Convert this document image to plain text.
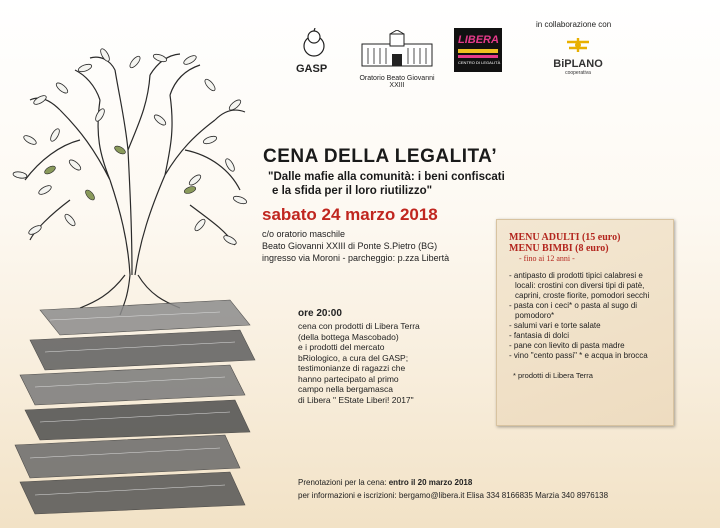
GASP
Oratorio Beato Giovanni XXIII
LIBERA
CENTRO DI LEGALITÀ
in collaborazione con
BiPLANO
cooperativa
CENA DELLA LEGALITA’
"Dalle mafie alla comunità: i beni confiscati
e la sfida per il loro riutilizzo"
sabato 24 marzo 2018
c/o oratorio maschile
Beato Giovanni XXIII di Ponte S.Pietro (BG)
ingresso via Moroni - parcheggio: p.zza Libertà
ore 20:00
cena con prodotti di Libera Terra
(della bottega Mascobado)
e i prodotti del mercato
bRiologico, a cura del GASP;
testimonianze di ragazzi che
hanno partecipato al primo
campo nella bergamasca
di Libera " EState Liberi! 2017"
MENU ADULTI (15 euro)
MENU BIMBI (8 euro)
- fino ai 12 anni -
- antipasto di prodotti tipici calabresi e locali: crostini con diversi tipi di patè, caprini, croste fiorite, pomodori secchi
- pasta con i ceci* o pasta al sugo di pomodoro*
- salumi vari e torte salate
- fantasia di dolci
- pane con lievito di pasta madre
- vino "cento passi" * e acqua in brocca
* prodotti di Libera Terra
Prenotazioni per la cena: entro il 20 marzo 2018
per informazioni e iscrizioni: bergamo@libera.it Elisa 334 8166835 Marzia 340 8976138
